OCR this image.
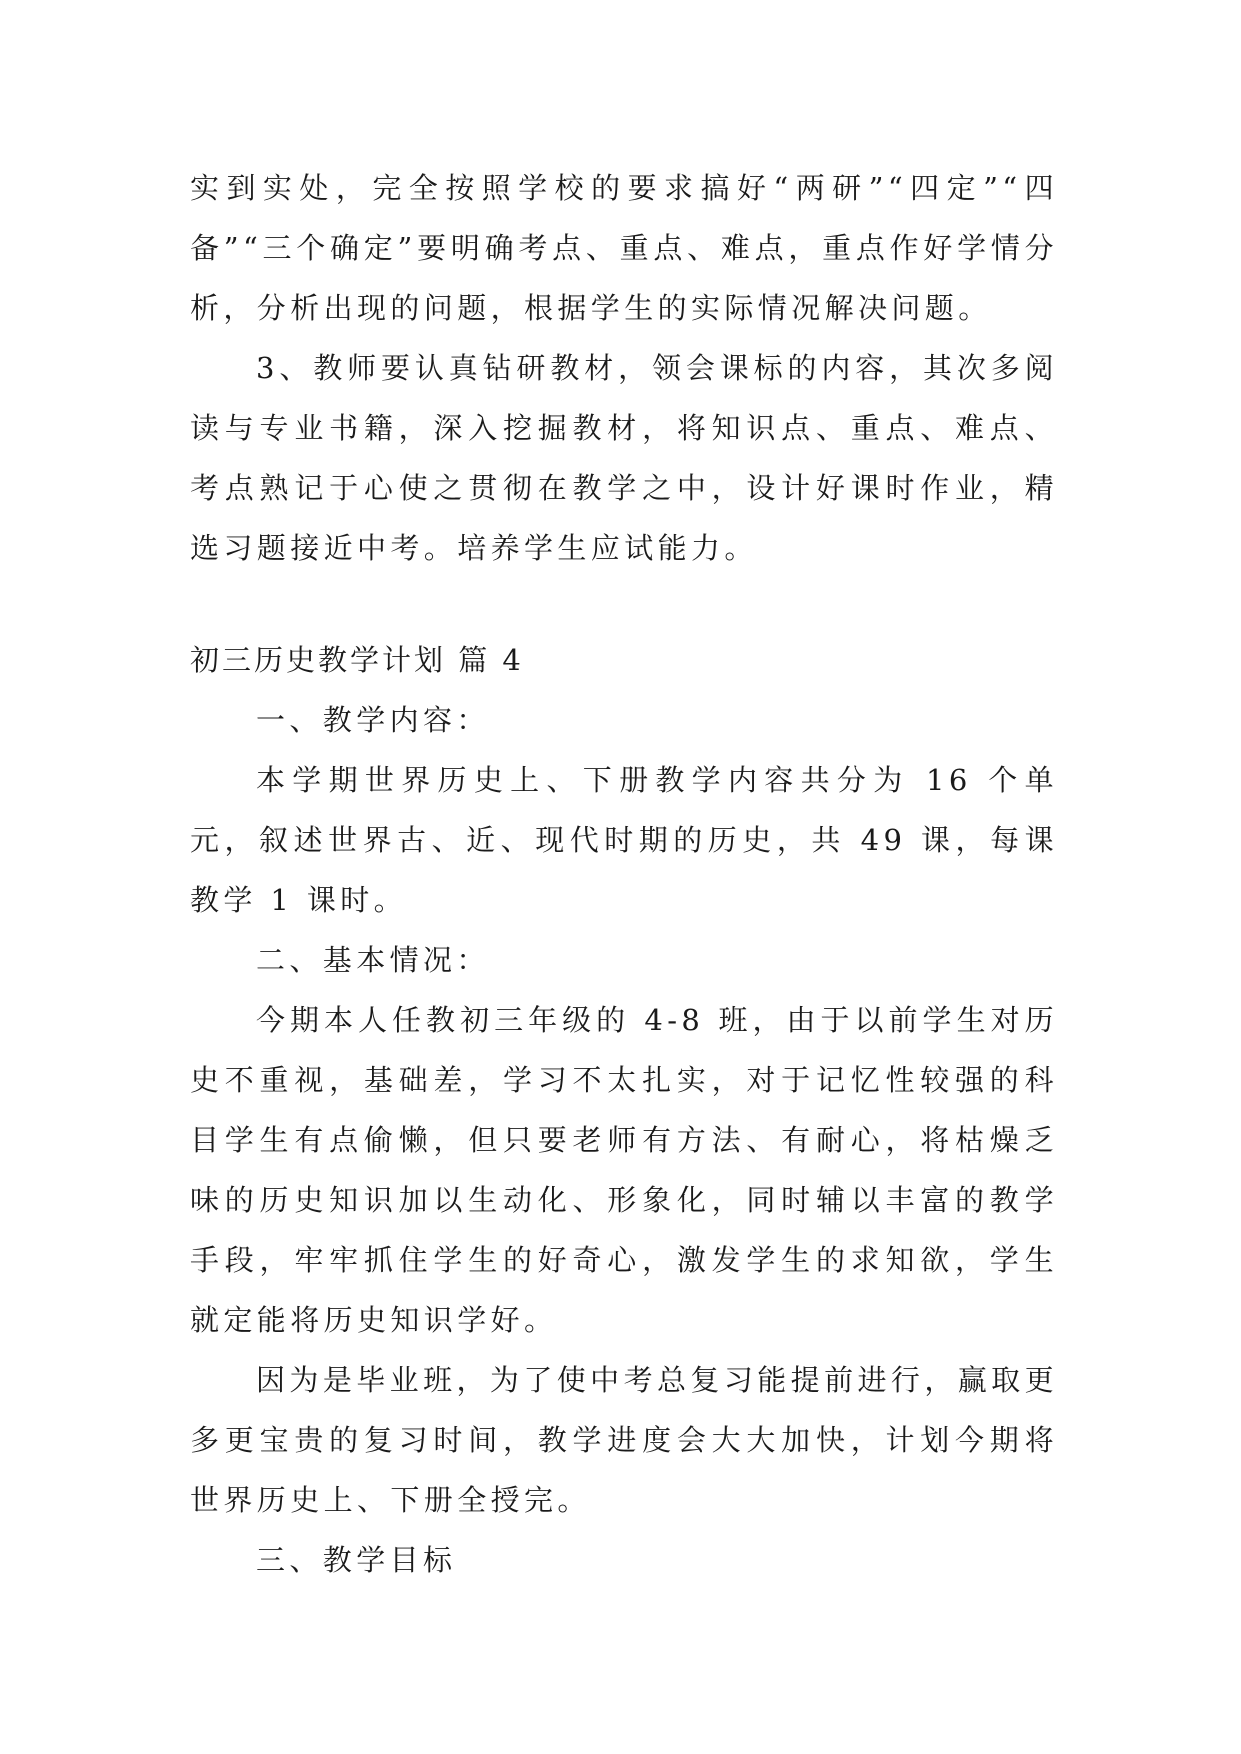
实到实处，完全按照学校的要求搞好“两研”“四定”“四备”“三个确定”要明确考点、重点、难点，重点作好学情分析，分析出现的问题，根据学生的实际情况解决问题。

3、教师要认真钻研教材，领会课标的内容，其次多阅读与专业书籍，深入挖掘教材，将知识点、重点、难点、考点熟记于心使之贯彻在教学之中，设计好课时作业，精选习题接近中考。培养学生应试能力。

初三历史教学计划 篇 4

一、教学内容：

本学期世界历史上、下册教学内容共分为 16 个单元，叙述世界古、近、现代时期的历史，共 49 课，每课教学 1 课时。

二、基本情况：

今期本人任教初三年级的 4-8 班，由于以前学生对历史不重视，基础差，学习不太扎实，对于记忆性较强的科目学生有点偷懒，但只要老师有方法、有耐心，将枯燥乏味的历史知识加以生动化、形象化，同时辅以丰富的教学手段，牢牢抓住学生的好奇心，激发学生的求知欲，学生就定能将历史知识学好。

因为是毕业班，为了使中考总复习能提前进行，赢取更多更宝贵的复习时间，教学进度会大大加快，计划今期将世界历史上、下册全授完。

三、教学目标
